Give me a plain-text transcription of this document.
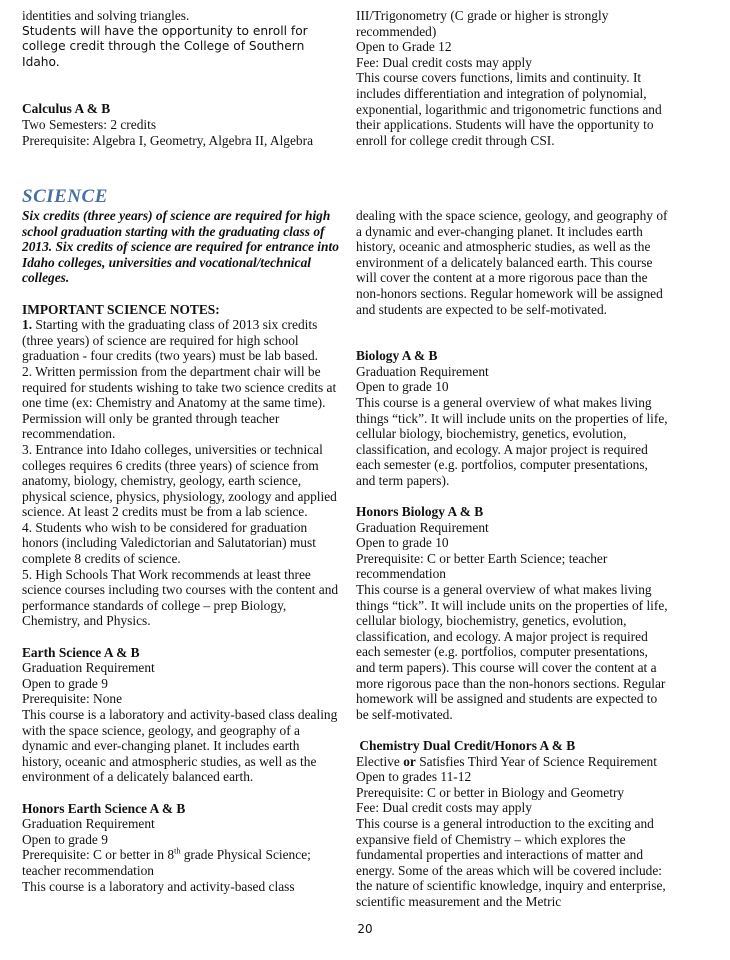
identities and solving triangles.

Students will have the opportunity to enroll for college credit through the College of Southern Idaho.

Calculus A & B

Two Semesters: 2 credits

Prerequisite: Algebra I, Geometry, Algebra II, Algebra

III/Trigonometry (C grade or higher is strongly recommended)

Open to Grade 12

Fee: Dual credit costs may apply

This course covers functions, limits and continuity. It includes differentiation and integration of polynomial, exponential, logarithmic and trigonometric functions and their applications. Students will have the opportunity to enroll for college credit through CSI.

SCIENCE

Six credits (three years) of science are required for high school graduation starting with the graduating class of 2013. Six credits of science are required for entrance into Idaho colleges, universities and vocational/technical colleges.

IMPORTANT SCIENCE NOTES:

1. Starting with the graduating class of 2013 six credits (three years) of science are required for high school graduation - four credits (two years) must be lab based.

2. Written permission from the department chair will be required for students wishing to take two science credits at one time (ex: Chemistry and Anatomy at the same time). Permission will only be granted through teacher recommendation.

3. Entrance into Idaho colleges, universities or technical colleges requires 6 credits (three years) of science from anatomy, biology, chemistry, geology, earth science, physical science, physics, physiology, zoology and applied science. At least 2 credits must be from a lab science.

4. Students who wish to be considered for graduation honors (including Valedictorian and Salutatorian) must complete 8 credits of science.

5. High Schools That Work recommends at least three science courses including two courses with the content and performance standards of college – prep Biology, Chemistry, and Physics.

Earth Science A & B

Graduation Requirement

Open to grade 9

Prerequisite: None

This course is a laboratory and activity-based class dealing with the space science, geology, and geography of a dynamic and ever-changing planet. It includes earth history, oceanic and atmospheric studies, as well as the environment of a delicately balanced earth.

Honors Earth Science A & B

Graduation Requirement

Open to grade 9

Prerequisite: C or better in 8th grade Physical Science; teacher recommendation

This course is a laboratory and activity-based class

dealing with the space science, geology, and geography of a dynamic and ever-changing planet. It includes earth history, oceanic and atmospheric studies, as well as the environment of a delicately balanced earth. This course will cover the content at a more rigorous pace than the non-honors sections. Regular homework will be assigned and students are expected to be self-motivated.

Biology A & B

Graduation Requirement

Open to grade 10

This course is a general overview of what makes living things “tick”. It will include units on the properties of life, cellular biology, biochemistry, genetics, evolution, classification, and ecology. A major project is required each semester (e.g. portfolios, computer presentations, and term papers).

Honors Biology A & B

Graduation Requirement

Open to grade 10

Prerequisite: C or better Earth Science; teacher recommendation

This course is a general overview of what makes living things “tick”. It will include units on the properties of life, cellular biology, biochemistry, genetics, evolution, classification, and ecology. A major project is required each semester (e.g. portfolios, computer presentations, and term papers). This course will cover the content at a more rigorous pace than the non-honors sections. Regular homework will be assigned and students are expected to be self-motivated.

Chemistry Dual Credit/Honors A & B

Elective or Satisfies Third Year of Science Requirement

Open to grades 11-12

Prerequisite: C or better in Biology and Geometry

Fee: Dual credit costs may apply

This course is a general introduction to the exciting and expansive field of Chemistry – which explores the fundamental properties and interactions of matter and energy. Some of the areas which will be covered include: the nature of scientific knowledge, inquiry and enterprise, scientific measurement and the Metric

20
